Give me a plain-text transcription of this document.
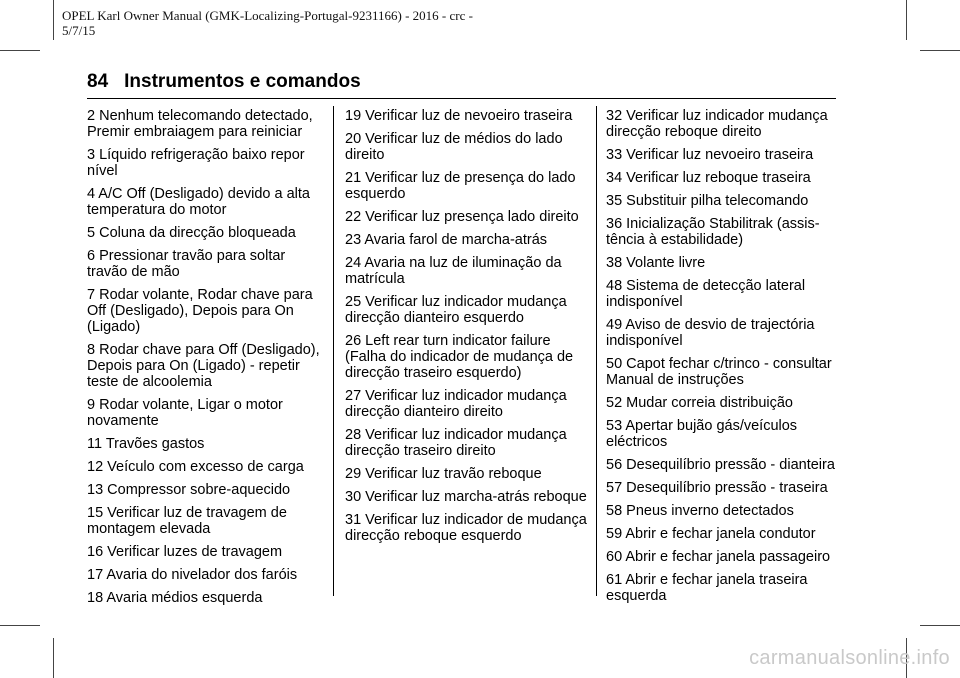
OPEL Karl Owner Manual (GMK-Localizing-Portugal-9231166) - 2016 - crc -
5/7/15
84 Instrumentos e comandos
2 Nenhum telecomando detectado, Premir embraiagem para reiniciar
3 Líquido refrigeração baixo repor nível
4 A/C Off (Desligado) devido a alta temperatura do motor
5 Coluna da direcção bloqueada
6 Pressionar travão para soltar travão de mão
7 Rodar volante, Rodar chave para Off (Desligado), Depois para On (Ligado)
8 Rodar chave para Off (Desligado), Depois para On (Ligado) - repetir teste de alcoolemia
9 Rodar volante, Ligar o motor novamente
11 Travões gastos
12 Veículo com excesso de carga
13 Compressor sobre-aquecido
15 Verificar luz de travagem de montagem elevada
16 Verificar luzes de travagem
17 Avaria do nivelador dos faróis
18 Avaria médios esquerda
19 Verificar luz de nevoeiro traseira
20 Verificar luz de médios do lado direito
21 Verificar luz de presença do lado esquerdo
22 Verificar luz presença lado direito
23 Avaria farol de marcha-atrás
24 Avaria na luz de iluminação da matrícula
25 Verificar luz indicador mudança direcção dianteiro esquerdo
26 Left rear turn indicator failure (Falha do indicador de mudança de direcção traseiro esquerdo)
27 Verificar luz indicador mudança direcção dianteiro direito
28 Verificar luz indicador mudança direcção traseiro direito
29 Verificar luz travão reboque
30 Verificar luz marcha-atrás reboque
31 Verificar luz indicador de mudança direcção reboque esquerdo
32 Verificar luz indicador mudança direcção reboque direito
33 Verificar luz nevoeiro traseira
34 Verificar luz reboque traseira
35 Substituir pilha telecomando
36 Inicialização Stabilitrak (assis-tência à estabilidade)
38 Volante livre
48 Sistema de detecção lateral indisponível
49 Aviso de desvio de trajectória indisponível
50 Capot fechar c/trinco - consultar Manual de instruções
52 Mudar correia distribuição
53 Apertar bujão gás/veículos eléctricos
56 Desequilíbrio pressão - dianteira
57 Desequilíbrio pressão - traseira
58 Pneus inverno detectados
59 Abrir e fechar janela condutor
60 Abrir e fechar janela passageiro
61 Abrir e fechar janela traseira esquerda
carmanualsonline.info
